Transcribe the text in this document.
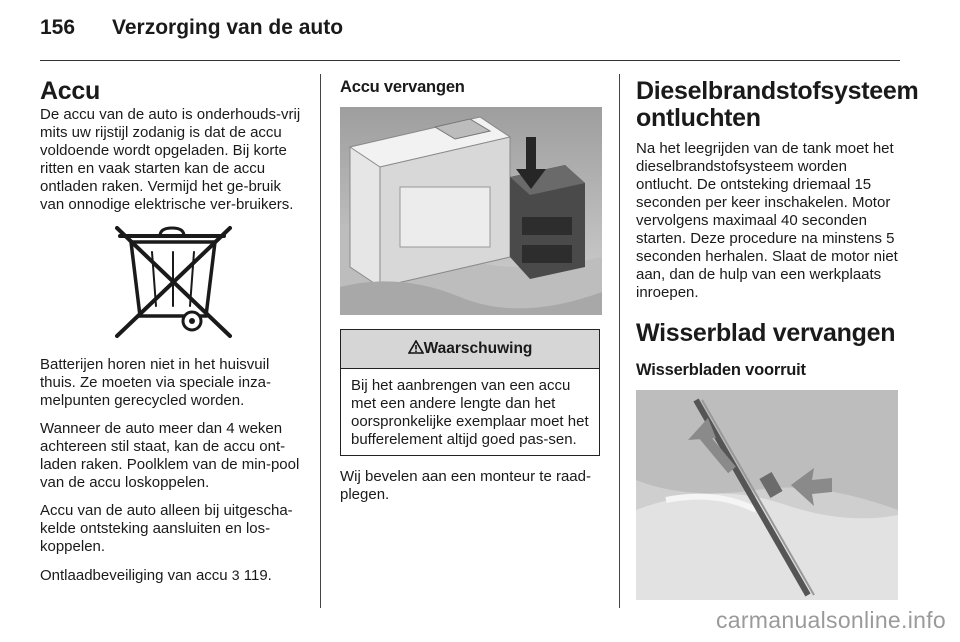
156 Verzorging van de auto
Accu

De accu van de auto is onderhouds-vrij mits uw rijstijl zodanig is dat de accu voldoende wordt opgeladen. Bij korte ritten en vaak starten kan de accu ontladen raken. Vermijd het ge-bruik van onnodige elektrische ver-bruikers.

Batterijen horen niet in het huisvuil thuis. Ze moeten via speciale inza-melpunten gerecycled worden.

Wanneer de auto meer dan 4 weken achtereen stil staat, kan de accu ont-laden raken. Poolklem van de min-pool van de accu loskoppelen.

Accu van de auto alleen bij uitgescha-kelde ontsteking aansluiten en los-koppelen.

Ontlaadbeveiliging van accu 3 119.

Accu vervangen
Waarschuwing

Bij het aanbrengen van een accu met een andere lengte dan het oorspronkelijke exemplaar moet het bufferelement altijd goed pas-sen.

Wij bevelen aan een monteur te raad-plegen.

Dieselbrandstofsysteem ontluchten

Na het leegrijden van de tank moet het dieselbrandstofsysteem worden ontlucht. De ontsteking driemaal 15 seconden per keer inschakelen. Motor vervolgens maximaal 40 seconden starten. Deze procedure na minstens 5 seconden herhalen. Slaat de motor niet aan, dan de hulp van een werkplaats inroepen.

Wisserblad vervangen
Wisserbladen voorruit
carmanualsonline.info
